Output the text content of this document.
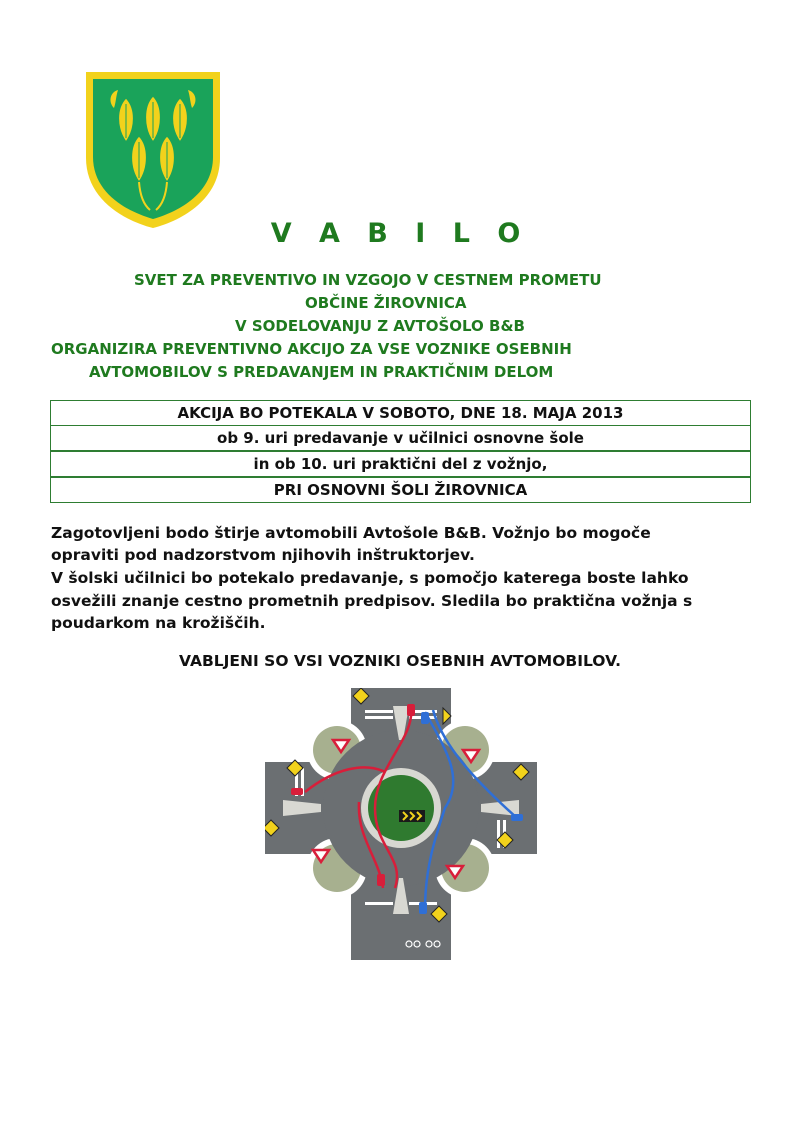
V A B I L O
SVET ZA PREVENTIVO IN VZGOJO V CESTNEM PROMETU
OBČINE ŽIROVNICA
V SODELOVANJU Z AVTOŠOLO B&B
ORGANIZIRA PREVENTIVNO AKCIJO ZA VSE VOZNIKE OSEBNIH
AVTOMOBILOV S PREDAVANJEM IN PRAKTIČNIM DELOM
AKCIJA BO POTEKALA V SOBOTO, DNE 18. MAJA 2013
ob 9. uri predavanje v učilnici osnovne šole
in ob 10. uri praktični del z vožnjo,
PRI OSNOVNI ŠOLI ŽIROVNICA
Zagotovljeni bodo štirje avtomobili Avtošole B&B. Vožnjo bo mogoče
opraviti pod nadzorstvom njihovih inštruktorjev.
V šolski učilnici bo potekalo predavanje, s pomočjo katerega boste lahko
osvežili znanje cestno prometnih predpisov. Sledila bo praktična vožnja s
poudarkom na krožiščih.
VABLJENI SO VSI VOZNIKI OSEBNIH AVTOMOBILOV.
